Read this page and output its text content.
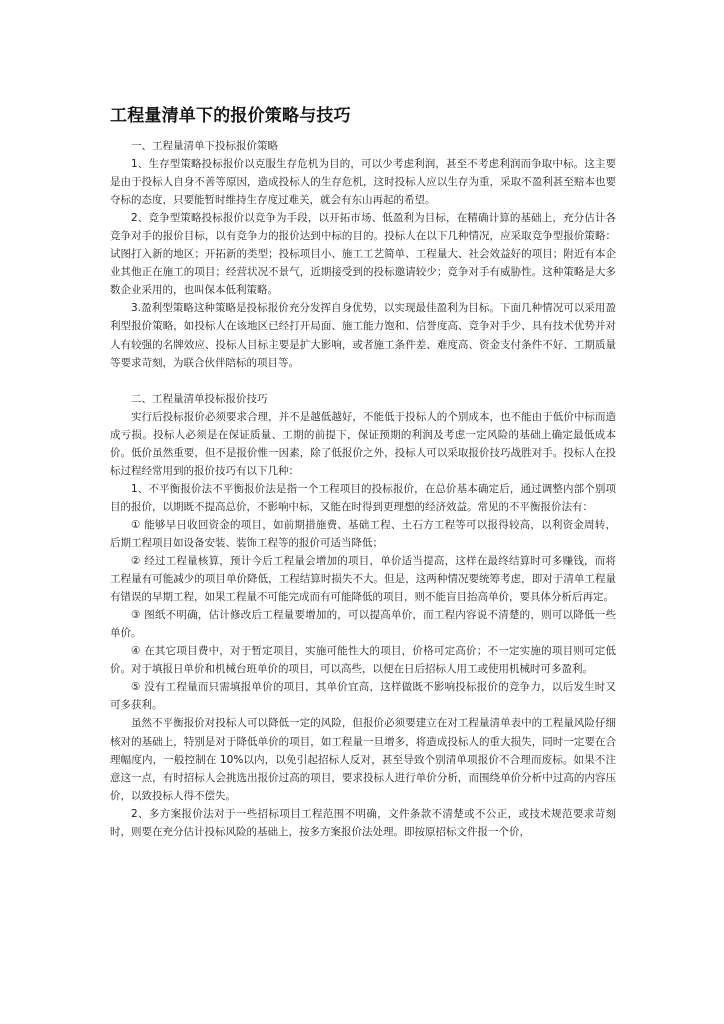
工程量清单下的报价策略与技巧

一、工程量清单下投标报价策略

1、生存型策略投标报价以克服生存危机为目的，可以少考虑利润，甚至不考虑利润而争取中标。这主要是由于投标人自身不善等原因，造成投标人的生存危机，这时投标人应以生存为重，采取不盈利甚至赔本也要夺标的态度，只要能暂时维持生存度过难关，就会有东山再起的希望。

2、竞争型策略投标报价以竞争为手段，以开拓市场、低盈利为目标，在精确计算的基础上，充分估计各竞争对手的报价目标，以有竞争力的报价达到中标的目的。投标人在以下几种情况，应采取竞争型报价策略：试图打入新的地区；开拓新的类型；投标项目小、施工工艺简单、工程量大、社会效益好的项目；附近有本企业其他正在施工的项目；经营状况不景气，近期接受到的投标邀请较少；竞争对手有威胁性。这种策略是大多数企业采用的，也叫保本低利策略。

3.盈利型策略这种策略是投标报价充分发挥自身优势，以实现最佳盈利为目标。下面几种情况可以采用盈利型报价策略，如投标人在该地区已经打开局面、施工能力饱和、信誉度高、竞争对手少、具有技术优势并对人有较强的名牌效应、投标人目标主要是扩大影响，或者施工条件差、难度高、资金支付条件不好、工期质量等要求苛刻，为联合伙伴陪标的项目等。

二、工程量清单投标报价技巧

实行后投标报价必须要求合理，并不是越低越好，不能低于投标人的个别成本，也不能由于低价中标而造成亏损。投标人必须是在保证质量、工期的前提下，保证预期的利润及考虑一定风险的基础上确定最低成本价。低价虽然重要，但不是报价惟一因素，除了低报价之外，投标人可以采取报价技巧战胜对手。投标人在投标过程经常用到的报价技巧有以下几种：

1、不平衡报价法不平衡报价法是指一个工程项目的投标报价，在总价基本确定后，通过调整内部个别项目的报价，以期既不提高总价，不影响中标，又能在时得到更理想的经济效益。常见的不平衡报价法有：

① 能够早日收回资金的项目，如前期措施费、基础工程、土石方工程等可以报得较高，以利资金周转，后期工程项目如设备安装、装饰工程等的报价可适当降低；

② 经过工程量核算，预计今后工程量会增加的项目，单价适当提高，这样在最终结算时可多赚钱，而将工程量有可能减少的项目单价降低，工程结算时损失不大。但是，这两种情况要统筹考虑，即对于清单工程量有错误的早期工程，如果工程量不可能完成而有可能降低的项目，则不能盲目抬高单价，要具体分析后再定。

③ 图纸不明确，估计修改后工程量要增加的，可以提高单价，而工程内容说不清楚的，则可以降低一些单价。

④ 在其它项目费中，对于暂定项目，实施可能性大的项目，价格可定高价；不一定实施的项目则可定低价。对于填报日单价和机械台班单价的项目，可以高些，以便在日后招标人用工或使用机械时可多盈利。

⑤ 没有工程量而只需填报单价的项目，其单价宜高，这样做既不影响投标报价的竞争力，以后发生时又可多获利。

虽然不平衡报价对投标人可以降低一定的风险，但报价必须要建立在对工程量清单表中的工程量风险仔细核对的基础上，特别是对于降低单价的项目，如工程量一旦增多，将造成投标人的重大损失，同时一定要在合理幅度内，一般控制在 10%以内，以免引起招标人反对，甚至导致个别清单项报价不合理而废标。如果不注意这一点，有时招标人会挑选出报价过高的项目，要求投标人进行单价分析，而围绕单价分析中过高的内容压价，以致投标人得不偿失。

2、多方案报价法对于一些招标项目工程范围不明确，文件条款不清楚或不公正，或技术规范要求苛刻时，则要在充分估计投标风险的基础上，按多方案报价法处理。即按原招标文件报一个价，
